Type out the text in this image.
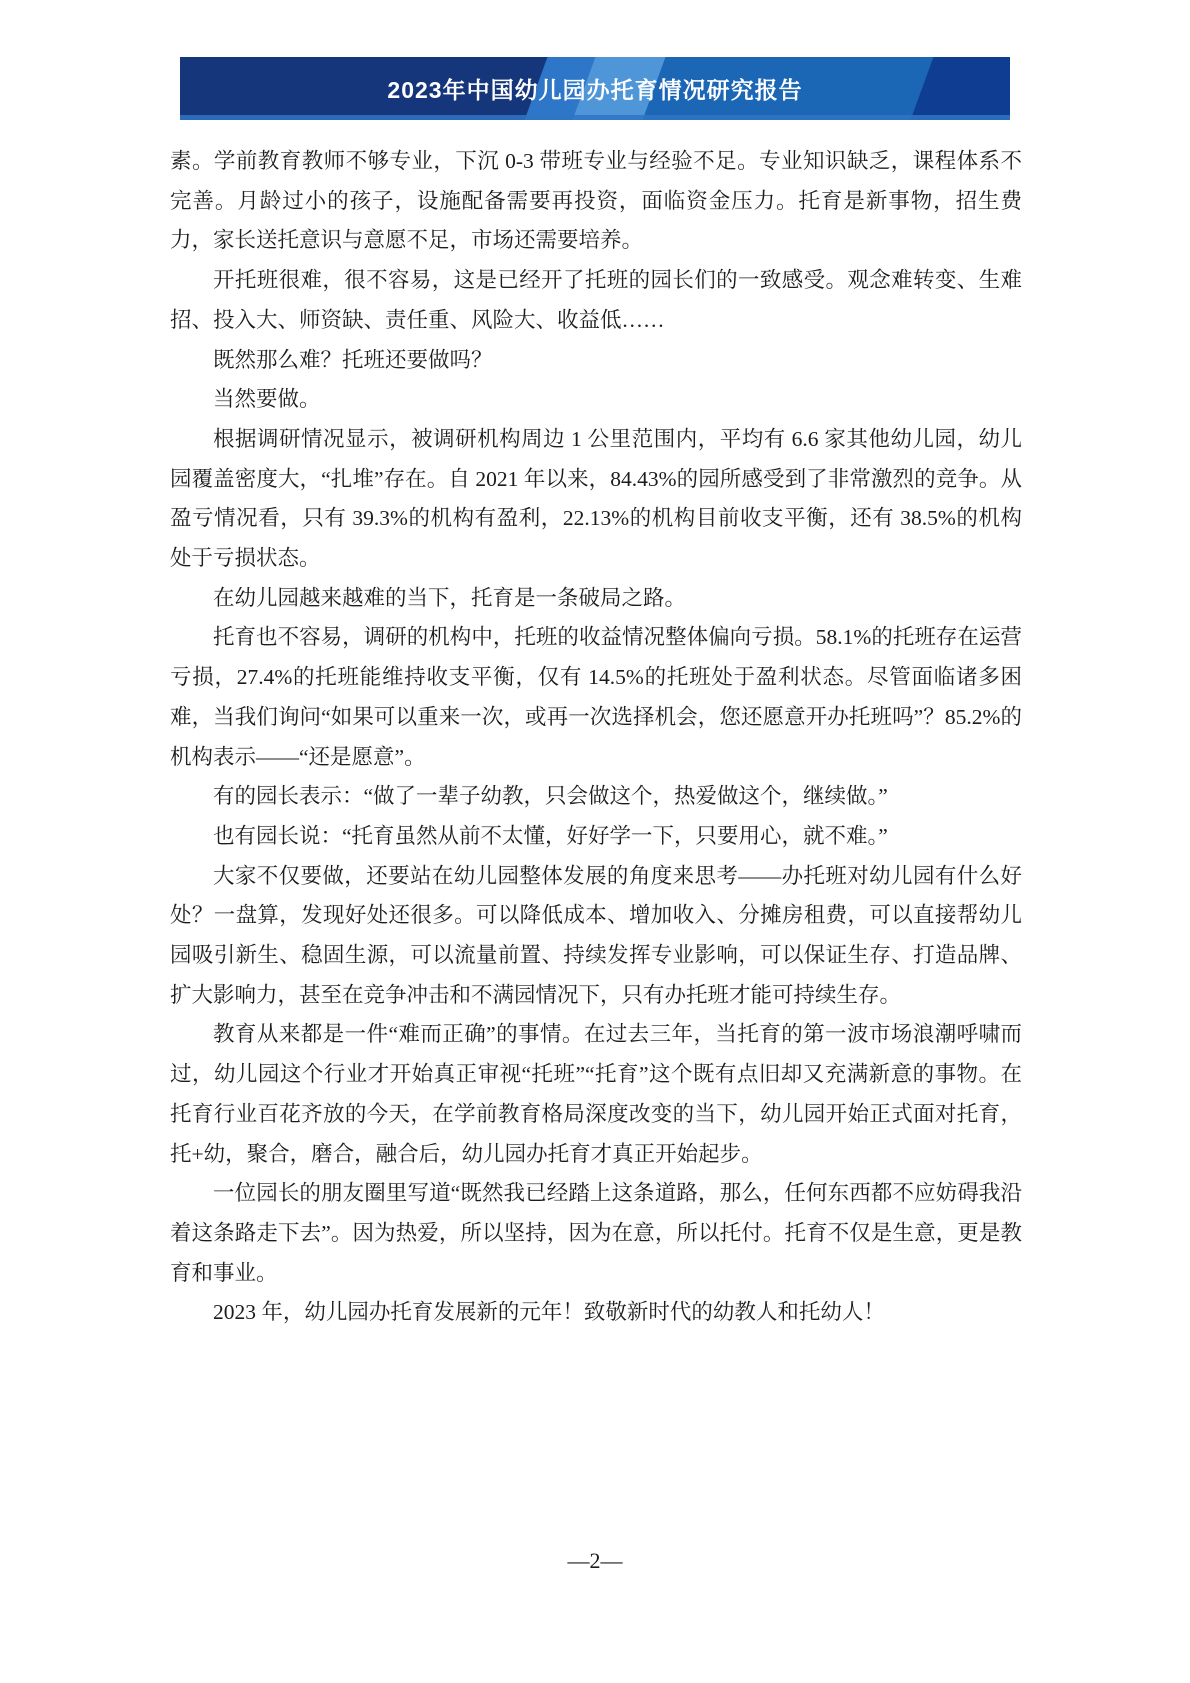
2023年中国幼儿园办托育情况研究报告

素。学前教育教师不够专业，下沉 0-3 带班专业与经验不足。专业知识缺乏，课程体系不完善。月龄过小的孩子，设施配备需要再投资，面临资金压力。托育是新事物，招生费力，家长送托意识与意愿不足，市场还需要培养。

开托班很难，很不容易，这是已经开了托班的园长们的一致感受。观念难转变、生难招、投入大、师资缺、责任重、风险大、收益低……

既然那么难？托班还要做吗？

当然要做。

根据调研情况显示，被调研机构周边 1 公里范围内，平均有 6.6 家其他幼儿园，幼儿园覆盖密度大，“扎堆”存在。自 2021 年以来，84.43%的园所感受到了非常激烈的竞争。从盈亏情况看，只有 39.3%的机构有盈利，22.13%的机构目前收支平衡，还有 38.5%的机构处于亏损状态。

在幼儿园越来越难的当下，托育是一条破局之路。

托育也不容易，调研的机构中，托班的收益情况整体偏向亏损。58.1%的托班存在运营亏损，27.4%的托班能维持收支平衡，仅有 14.5%的托班处于盈利状态。尽管面临诸多困难，当我们询问“如果可以重来一次，或再一次选择机会，您还愿意开办托班吗”？85.2%的机构表示——“还是愿意”。

有的园长表示：“做了一辈子幼教，只会做这个，热爱做这个，继续做。”

也有园长说：“托育虽然从前不太懂，好好学一下，只要用心，就不难。”

大家不仅要做，还要站在幼儿园整体发展的角度来思考——办托班对幼儿园有什么好处？一盘算，发现好处还很多。可以降低成本、增加收入、分摊房租费，可以直接帮幼儿园吸引新生、稳固生源，可以流量前置、持续发挥专业影响，可以保证生存、打造品牌、扩大影响力，甚至在竞争冲击和不满园情况下，只有办托班才能可持续生存。

教育从来都是一件“难而正确”的事情。在过去三年，当托育的第一波市场浪潮呼啸而过，幼儿园这个行业才开始真正审视“托班”“托育”这个既有点旧却又充满新意的事物。在托育行业百花齐放的今天，在学前教育格局深度改变的当下，幼儿园开始正式面对托育，托+幼，聚合，磨合，融合后，幼儿园办托育才真正开始起步。

一位园长的朋友圈里写道“既然我已经踏上这条道路，那么，任何东西都不应妨碍我沿着这条路走下去”。因为热爱，所以坚持，因为在意，所以托付。托育不仅是生意，更是教育和事业。

2023 年，幼儿园办托育发展新的元年！致敬新时代的幼教人和托幼人！

—2—
